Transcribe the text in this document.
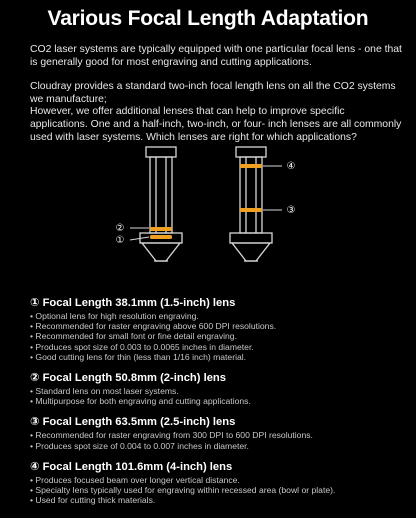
Various Focal Length Adaptation

CO2 laser systems are typically equipped with one particular focal lens - one that is generally good for most engraving and cutting applications.

Cloudray provides a standard two-inch focal length lens on all the CO2 systems we manufacture;

However, we offer additional lenses that can help to improve specific applications. One and a half-inch, two-inch, or four- inch lenses are all commonly used with laser systems. Which lenses are right for which applications?

②
①
④
③
① Focal Length 38.1mm (1.5-inch) lens
• Optional lens for high resolution engraving.
• Recommended for raster engraving above 600 DPI resolutions.
• Recommended for small font or fine detail engraving.
• Produces spot size of 0.003 to 0.0065 inches in diameter.
• Good cutting lens for thin (less than 1/16 inch) material.
② Focal Length 50.8mm (2-inch) lens
• Standard lens on most laser systems.
• Multipurpose for both engraving and cutting applications.
③ Focal Length 63.5mm (2.5-inch) lens
• Recommended for raster engraving from 300 DPI to 600 DPI resolutions.
• Produces spot size of 0.004 to 0.007 inches in diameter.
④ Focal Length 101.6mm (4-inch) lens
• Produces focused beam over longer vertical distance.
• Specialty lens typically used for engraving within recessed area (bowl or plate).
• Used for cutting thick materials.
